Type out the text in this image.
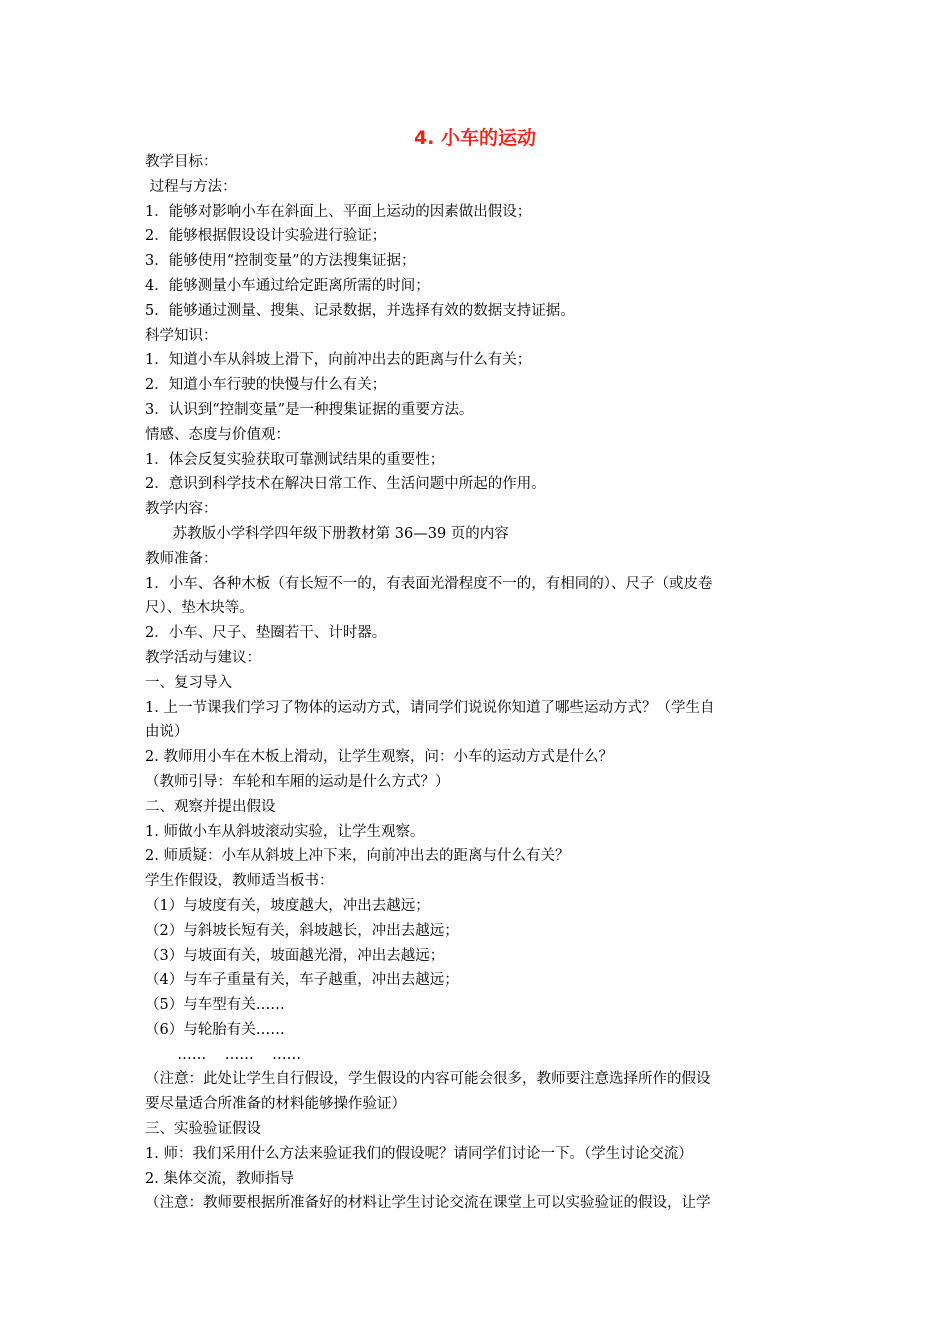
4. 小车的运动

教学目标：

过程与方法：

1．能够对影响小车在斜面上、平面上运动的因素做出假设；

2．能够根据假设设计实验进行验证；

3．能够使用“控制变量”的方法搜集证据；

4．能够测量小车通过给定距离所需的时间；

5．能够通过测量、搜集、记录数据，并选择有效的数据支持证据。

科学知识：

1．知道小车从斜坡上滑下，向前冲出去的距离与什么有关；

2．知道小车行驶的快慢与什么有关；

3．认识到“控制变量”是一种搜集证据的重要方法。

情感、态度与价值观：

1．体会反复实验获取可靠测试结果的重要性；

2．意识到科学技术在解决日常工作、生活问题中所起的作用。

教学内容：

苏教版小学科学四年级下册教材第 36—39 页的内容

教师准备：

1．小车、各种木板（有长短不一的，有表面光滑程度不一的，有相同的）、尺子（或皮卷

尺）、垫木块等。

2．小车、尺子、垫圈若干、计时器。

教学活动与建议：

一、复习导入

1. 上一节课我们学习了物体的运动方式，请同学们说说你知道了哪些运动方式？（学生自

由说）

2. 教师用小车在木板上滑动，让学生观察，问：小车的运动方式是什么？

（教师引导：车轮和车厢的运动是什么方式？）

二、观察并提出假设

1. 师做小车从斜坡滚动实验，让学生观察。

2. 师质疑：小车从斜坡上冲下来，向前冲出去的距离与什么有关？

学生作假设，教师适当板书：

（1）与坡度有关，坡度越大，冲出去越远；

（2）与斜坡长短有关，斜坡越长，冲出去越远；

（3）与坡面有关，坡面越光滑，冲出去越远；

（4）与车子重量有关，车子越重，冲出去越远；

（5）与车型有关……

（6）与轮胎有关……

……    ……    ……

（注意：此处让学生自行假设，学生假设的内容可能会很多，教师要注意选择所作的假设

要尽量适合所准备的材料能够操作验证）

三、实验验证假设

1. 师：我们采用什么方法来验证我们的假设呢？请同学们讨论一下。（学生讨论交流）

2. 集体交流，教师指导

（注意：教师要根据所准备好的材料让学生讨论交流在课堂上可以实验验证的假设，让学
